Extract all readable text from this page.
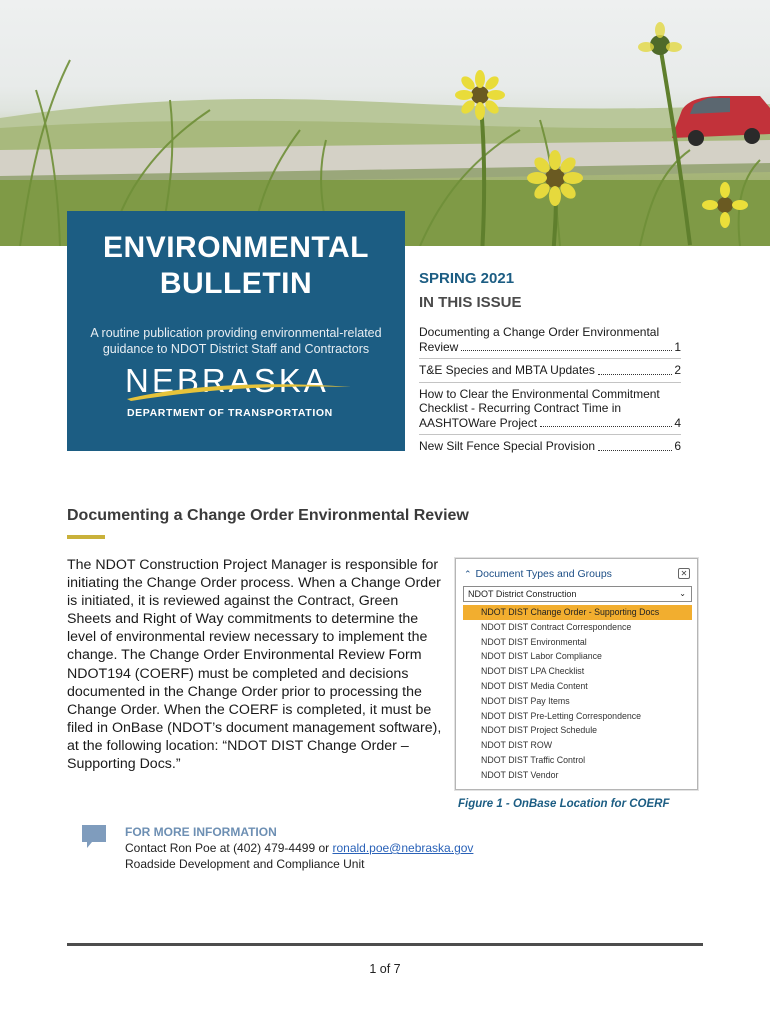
ENVIRONMENTAL
BULLETIN
A routine publication providing environmental-related guidance to NDOT District Staff and Contractors
NEBRASKA
DEPARTMENT OF TRANSPORTATION
SPRING 2021
IN THIS ISSUE
Documenting a Change Order Environmental
Review	1
T&E Species and MBTA Updates	2
How to Clear the Environmental Commitment Checklist - Recurring Contract Time in
AASHTOWare Project	4
New Silt Fence Special Provision	6
Documenting a Change Order Environmental Review
The NDOT Construction Project Manager is responsible for initiating the Change Order process. When a Change Order is initiated, it is reviewed against the Contract, Green Sheets and Right of Way commitments to determine the level of environmental review necessary to implement the change. The Change Order Environmental Review Form NDOT194 (COERF) must be completed and decisions documented in the Change Order prior to processing the Change Order. When the COERF is completed, it must be filed in OnBase (NDOT’s document management software), at the following location: “NDOT DIST Change Order – Supporting Docs.”
⌃ Document Types and Groups	✕
NDOT District Construction	⌄
NDOT DIST Change Order - Supporting Docs
NDOT DIST Contract Correspondence
NDOT DIST Environmental
NDOT DIST Labor Compliance
NDOT DIST LPA Checklist
NDOT DIST Media Content
NDOT DIST Pay Items
NDOT DIST Pre-Letting Correspondence
NDOT DIST Project Schedule
NDOT DIST ROW
NDOT DIST Traffic Control
NDOT DIST Vendor
Figure 1 - OnBase Location for COERF
FOR MORE INFORMATION
Contact Ron Poe at (402) 479-4499 or ronald.poe@nebraska.gov
Roadside Development and Compliance Unit
1 of 7
